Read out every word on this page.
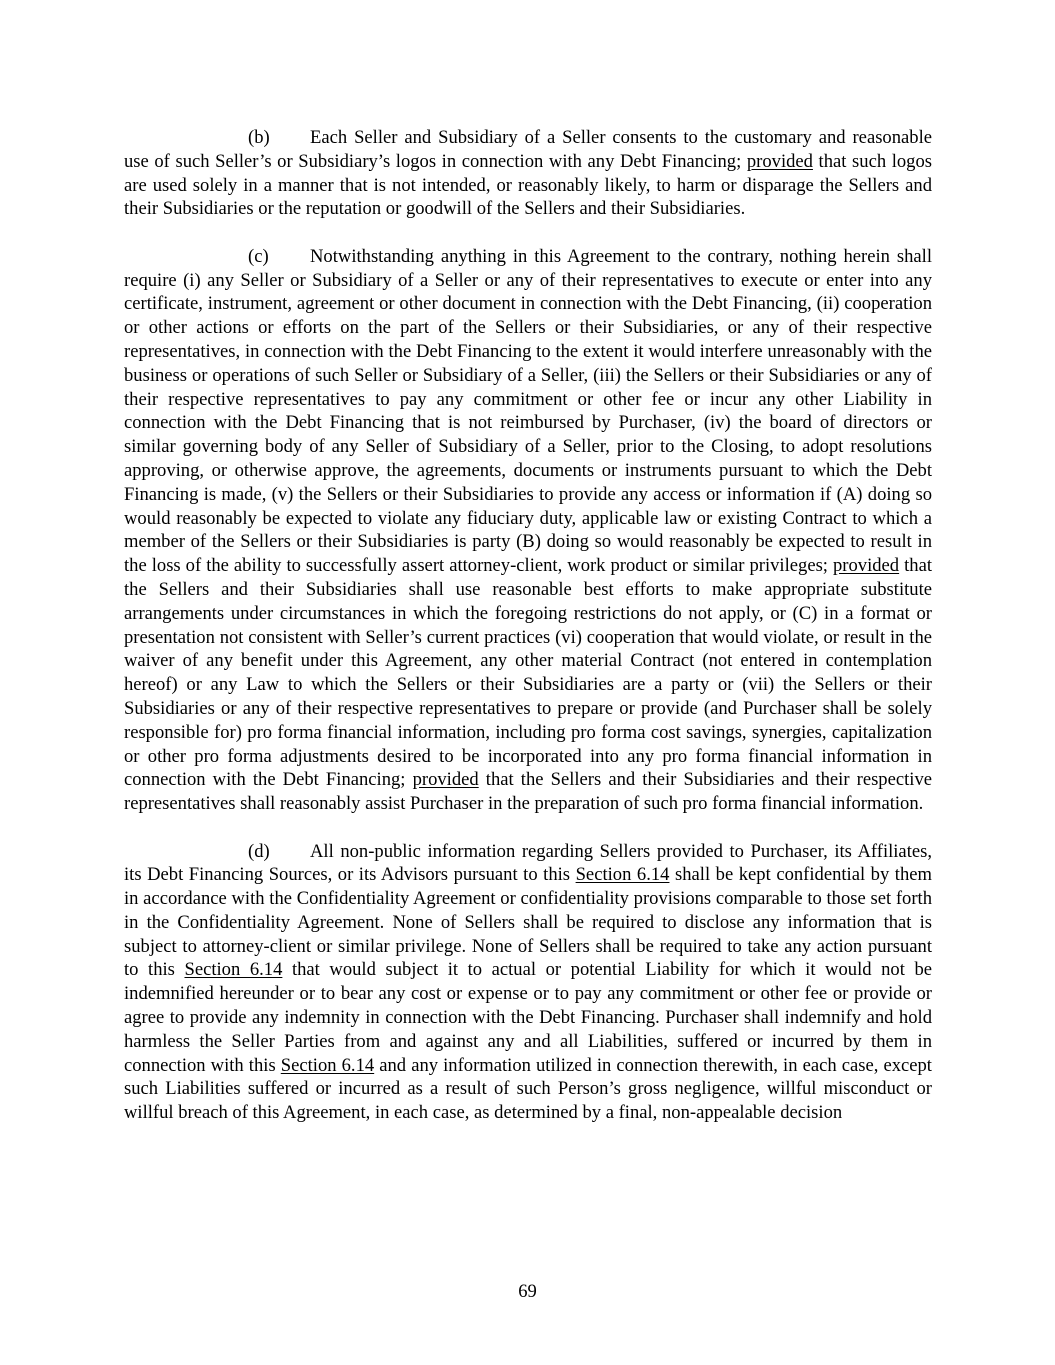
(b) Each Seller and Subsidiary of a Seller consents to the customary and reasonable use of such Seller’s or Subsidiary’s logos in connection with any Debt Financing; provided that such logos are used solely in a manner that is not intended, or reasonably likely, to harm or disparage the Sellers and their Subsidiaries or the reputation or goodwill of the Sellers and their Subsidiaries.

(c) Notwithstanding anything in this Agreement to the contrary, nothing herein shall require (i) any Seller or Subsidiary of a Seller or any of their representatives to execute or enter into any certificate, instrument, agreement or other document in connection with the Debt Financing, (ii) cooperation or other actions or efforts on the part of the Sellers or their Subsidiaries, or any of their respective representatives, in connection with the Debt Financing to the extent it would interfere unreasonably with the business or operations of such Seller or Subsidiary of a Seller, (iii) the Sellers or their Subsidiaries or any of their respective representatives to pay any commitment or other fee or incur any other Liability in connection with the Debt Financing that is not reimbursed by Purchaser, (iv) the board of directors or similar governing body of any Seller of Subsidiary of a Seller, prior to the Closing, to adopt resolutions approving, or otherwise approve, the agreements, documents or instruments pursuant to which the Debt Financing is made, (v) the Sellers or their Subsidiaries to provide any access or information if (A) doing so would reasonably be expected to violate any fiduciary duty, applicable law or existing Contract to which a member of the Sellers or their Subsidiaries is party (B) doing so would reasonably be expected to result in the loss of the ability to successfully assert attorney-client, work product or similar privileges; provided that the Sellers and their Subsidiaries shall use reasonable best efforts to make appropriate substitute arrangements under circumstances in which the foregoing restrictions do not apply, or (C) in a format or presentation not consistent with Seller’s current practices (vi) cooperation that would violate, or result in the waiver of any benefit under this Agreement, any other material Contract (not entered in contemplation hereof) or any Law to which the Sellers or their Subsidiaries are a party or (vii) the Sellers or their Subsidiaries or any of their respective representatives to prepare or provide (and Purchaser shall be solely responsible for) pro forma financial information, including pro forma cost savings, synergies, capitalization or other pro forma adjustments desired to be incorporated into any pro forma financial information in connection with the Debt Financing; provided that the Sellers and their Subsidiaries and their respective representatives shall reasonably assist Purchaser in the preparation of such pro forma financial information.

(d) All non-public information regarding Sellers provided to Purchaser, its Affiliates, its Debt Financing Sources, or its Advisors pursuant to this Section 6.14 shall be kept confidential by them in accordance with the Confidentiality Agreement or confidentiality provisions comparable to those set forth in the Confidentiality Agreement. None of Sellers shall be required to disclose any information that is subject to attorney-client or similar privilege. None of Sellers shall be required to take any action pursuant to this Section 6.14 that would subject it to actual or potential Liability for which it would not be indemnified hereunder or to bear any cost or expense or to pay any commitment or other fee or provide or agree to provide any indemnity in connection with the Debt Financing. Purchaser shall indemnify and hold harmless the Seller Parties from and against any and all Liabilities, suffered or incurred by them in connection with this Section 6.14 and any information utilized in connection therewith, in each case, except such Liabilities suffered or incurred as a result of such Person’s gross negligence, willful misconduct or willful breach of this Agreement, in each case, as determined by a final, non-appealable decision

69
